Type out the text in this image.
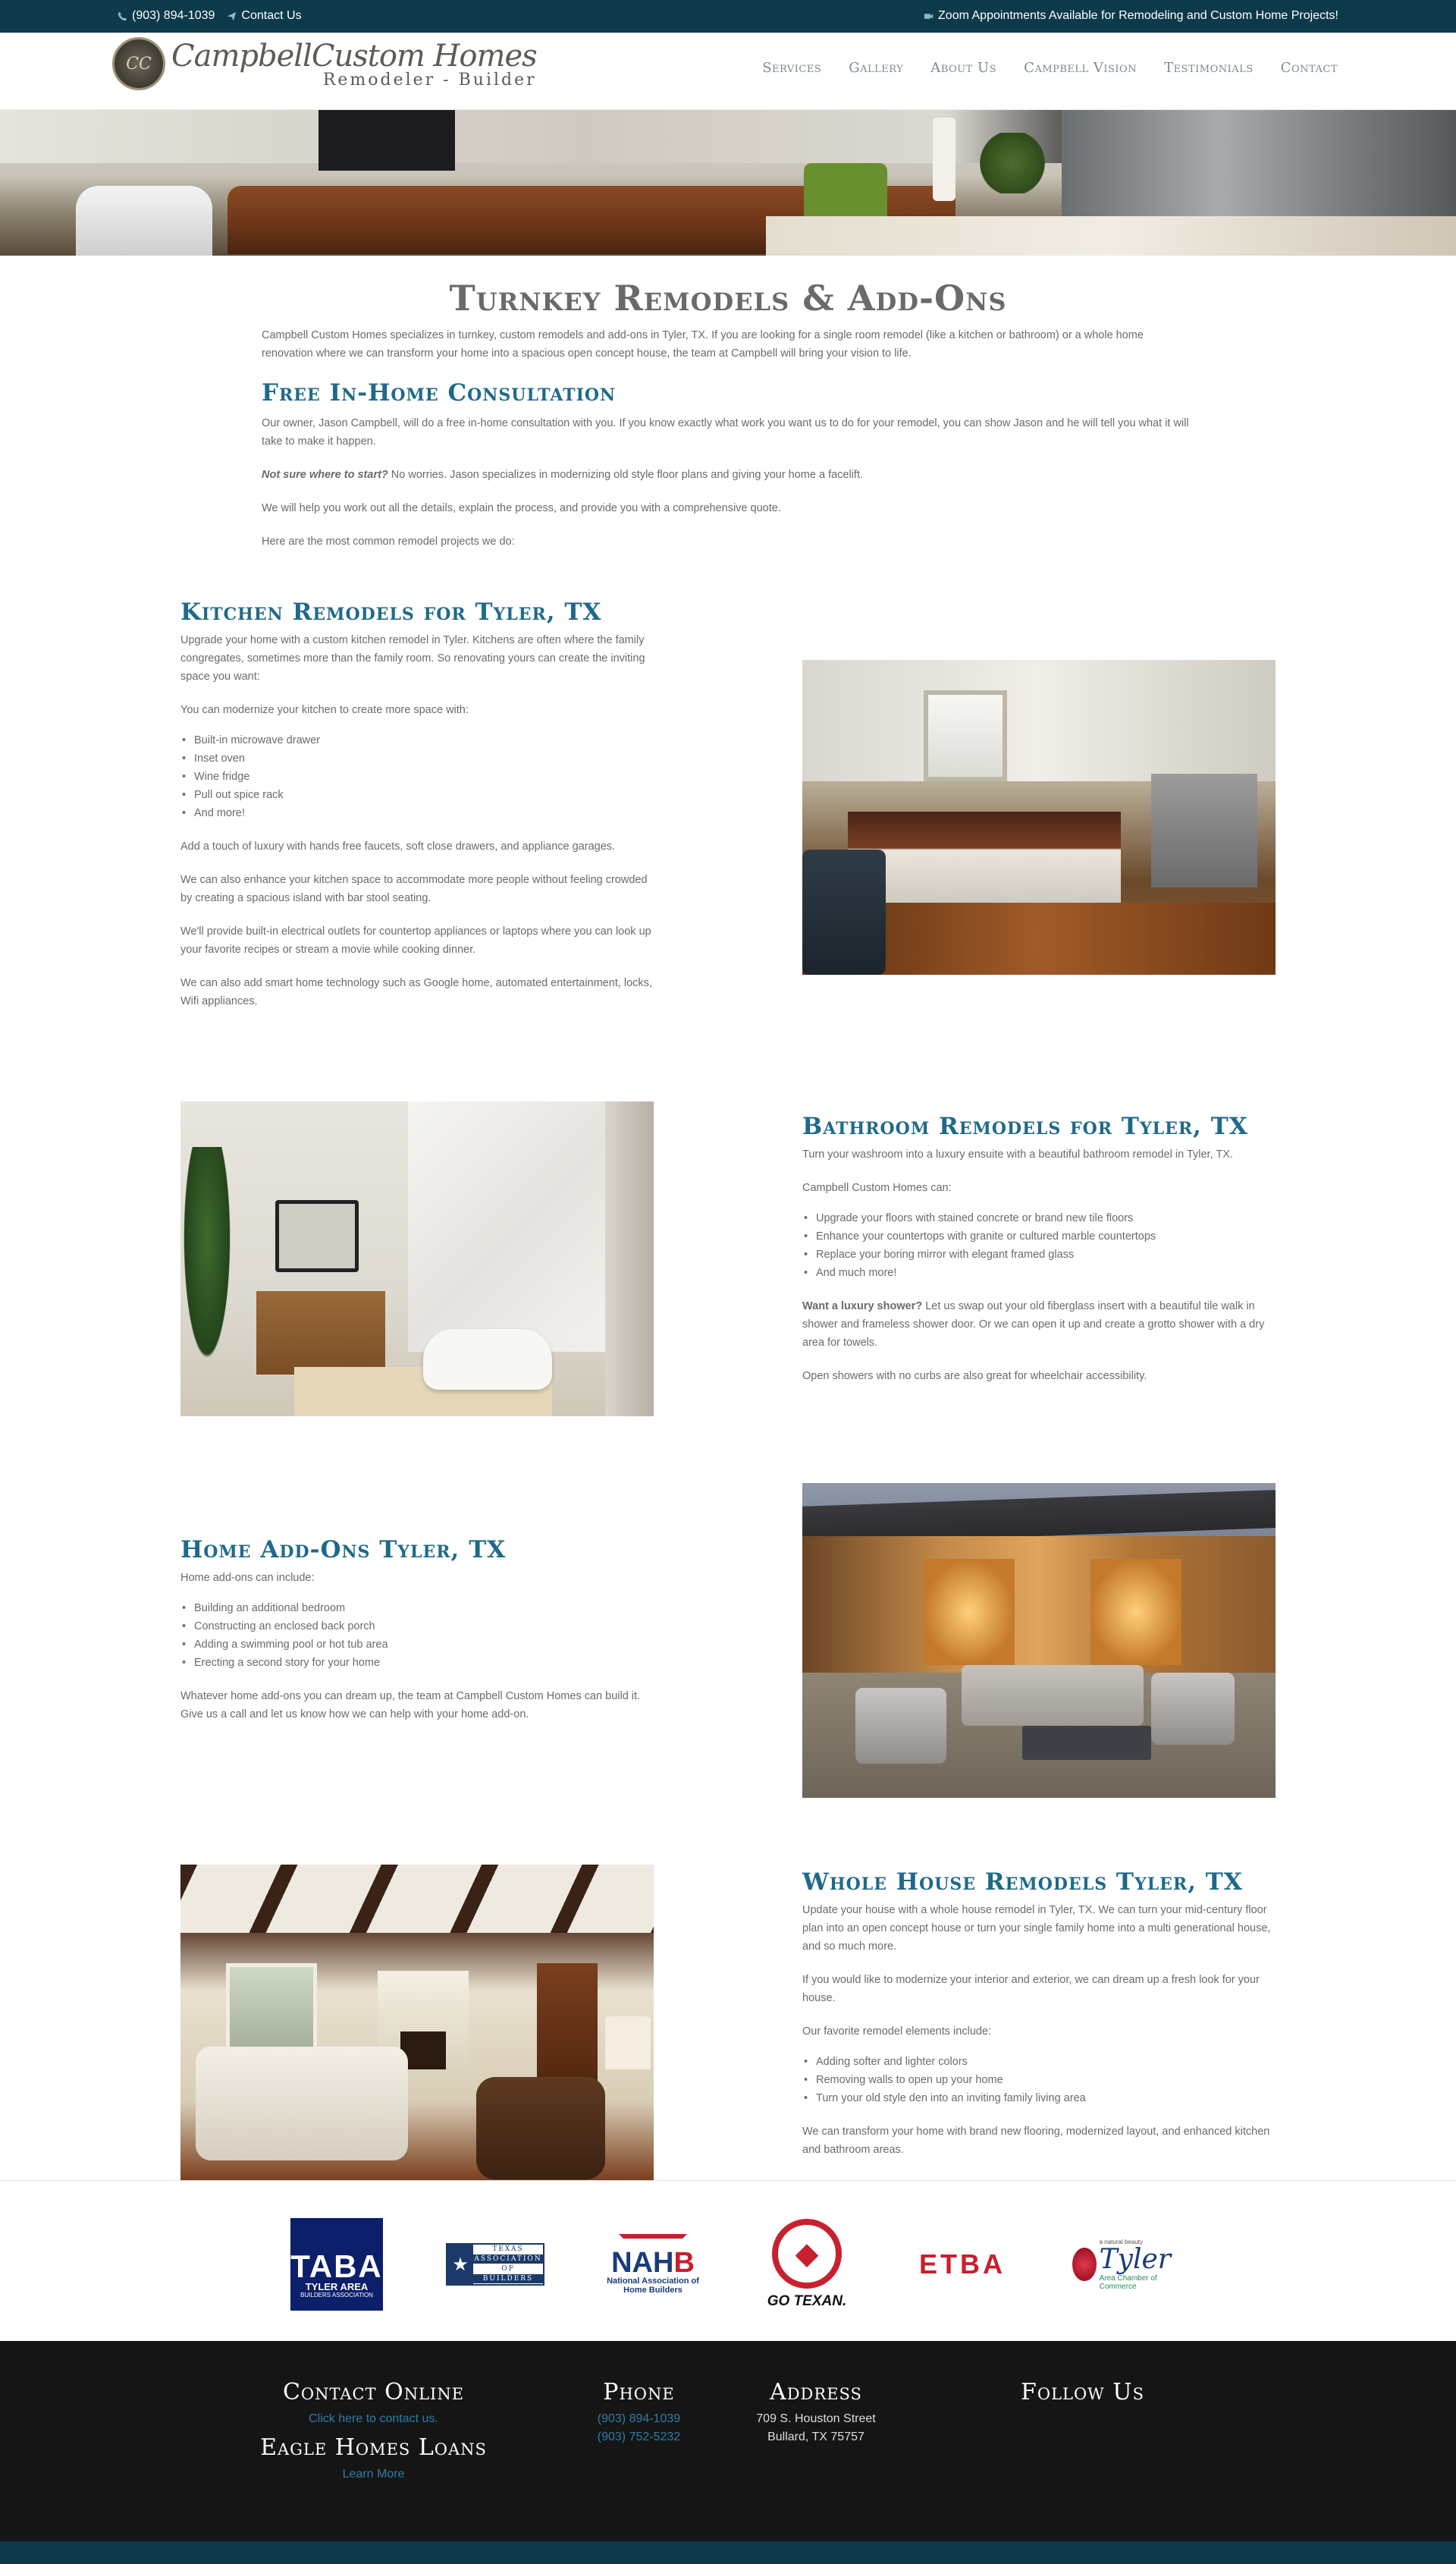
(903) 894-1039 Contact Us	Zoom Appointments Available for Remodeling and Custom Home Projects!
CC CampbellCustom Homes
Remodeler - Builder
Services Gallery About Us Campbell Vision Testimonials Contact
Turnkey Remodels & Add-Ons

Campbell Custom Homes specializes in turnkey, custom remodels and add-ons in Tyler, TX. If you are looking for a single room remodel (like a kitchen or bathroom) or a whole home renovation where we can transform your home into a spacious open concept house, the team at Campbell will bring your vision to life.

Free In-Home Consultation

Our owner, Jason Campbell, will do a free in-home consultation with you. If you know exactly what work you want us to do for your remodel, you can show Jason and he will tell you what it will take to make it happen.

Not sure where to start? No worries. Jason specializes in modernizing old style floor plans and giving your home a facelift.

We will help you work out all the details, explain the process, and provide you with a comprehensive quote.

Here are the most common remodel projects we do:

Kitchen Remodels for Tyler, TX

Upgrade your home with a custom kitchen remodel in Tyler. Kitchens are often where the family congregates, sometimes more than the family room. So renovating yours can create the inviting space you want:

You can modernize your kitchen to create more space with:

• Built-in microwave drawer
• Inset oven
• Wine fridge
• Pull out spice rack
• And more!

Add a touch of luxury with hands free faucets, soft close drawers, and appliance garages.

We can also enhance your kitchen space to accommodate more people without feeling crowded by creating a spacious island with bar stool seating.

We'll provide built-in electrical outlets for countertop appliances or laptops where you can look up your favorite recipes or stream a movie while cooking dinner.

We can also add smart home technology such as Google home, automated entertainment, locks, Wifi appliances.

Bathroom Remodels for Tyler, TX

Turn your washroom into a luxury ensuite with a beautiful bathroom remodel in Tyler, TX.

Campbell Custom Homes can:

• Upgrade your floors with stained concrete or brand new tile floors
• Enhance your countertops with granite or cultured marble countertops
• Replace your boring mirror with elegant framed glass
• And much more!

Want a luxury shower? Let us swap out your old fiberglass insert with a beautiful tile walk in shower and frameless shower door. Or we can open it up and create a grotto shower with a dry area for towels.

Open showers with no curbs are also great for wheelchair accessibility.

Home Add-Ons Tyler, TX

Home add-ons can include:

• Building an additional bedroom
• Constructing an enclosed back porch
• Adding a swimming pool or hot tub area
• Erecting a second story for your home

Whatever home add-ons you can dream up, the team at Campbell Custom Homes can build it. Give us a call and let us know how we can help with your home add-on.

Whole House Remodels Tyler, TX

Update your house with a whole house remodel in Tyler, TX. We can turn your mid-century floor plan into an open concept house or turn your single family home into a multi generational house, and so much more.

If you would like to modernize your interior and exterior, we can dream up a fresh look for your house.

Our favorite remodel elements include:

• Adding softer and lighter colors
• Removing walls to open up your home
• Turn your old style den into an inviting family living area

We can transform your home with brand new flooring, modernized layout, and enhanced kitchen and bathroom areas.

TABA
TYLER AREA
BUILDERS ASSOCIATION
★
TEXAS

ASSOCIATION
OF

BUILDERS	NAHB
National Association of Home Builders
◆
GO TEXAN.
ETB A
a natural beauty
Tyler
Area Chamber of Commerce
Contact Online
Click here to contact us.
Eagle Homes Loans
Learn More
Phone
(903) 894-1039
(903) 752-5232
Address
709 S. Houston Street
Bullard, TX 75757
Follow Us
